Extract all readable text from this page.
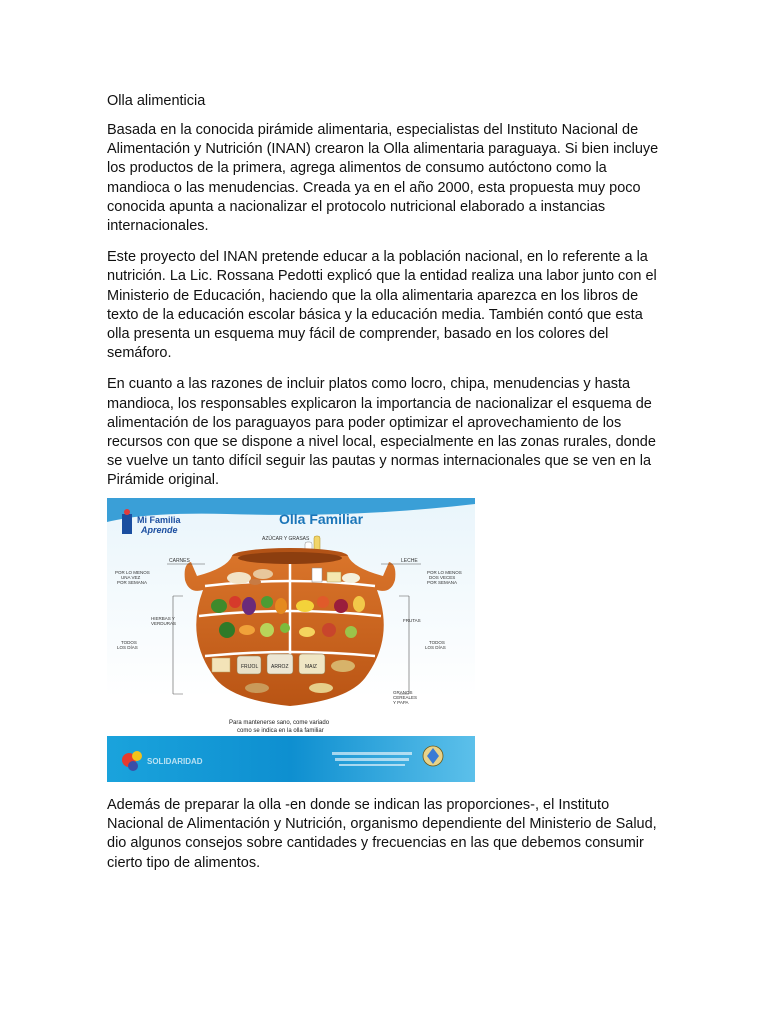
Olla alimenticia

Basada en la conocida pirámide alimentaria, especialistas del Instituto Nacional de Alimentación y Nutrición (INAN) crearon la Olla alimentaria paraguaya. Si bien incluye los productos de la primera, agrega alimentos de consumo autóctono como la mandioca o las menudencias. Creada ya en el año 2000, esta propuesta muy poco conocida apunta a nacionalizar el protocolo nutricional elaborado a instancias internacionales.

Este proyecto del INAN pretende educar a la población nacional, en lo referente a la nutrición. La Lic. Rossana Pedotti explicó que la entidad realiza una labor junto con el Ministerio de Educación, haciendo que la olla alimentaria aparezca en los libros de texto de la educación escolar básica y la educación media. También contó que esta olla presenta un esquema muy fácil de comprender, basado en los colores del semáforo.

En cuanto a las razones de incluir platos como locro, chipa, menudencias y hasta mandioca, los responsables explicaron la importancia de nacionalizar el esquema de alimentación de los paraguayos para poder optimizar el aprovechamiento de los recursos con que se dispone a nivel local, especialmente en las zonas rurales, donde se vuelve un tanto difícil seguir las pautas y normas internacionales que se ven en la Pirámide original.

Mi Familia
Aprende
Olla Familiar
AZÚCAR Y GRASAS
FRIJOL	ARROZ	MAIZ
CARNES	LECHE
POR LO MENOS
UNA VEZ
POR SEMANA
POR LO MENOS
DOS VECES
POR SEMANA
HIERBAS Y
VERDURAS
FRUTAS
TODOS
LOS DÍAS
TODOS
LOS DÍAS
GRANOS
CEREALES
Y PAPA
Para mantenerse sano, come variado
como se indica en la olla familiar
SOLIDARIDAD

Además de preparar la olla -en donde se indican las proporciones-, el Instituto Nacional de Alimentación y Nutrición, organismo dependiente del Ministerio de Salud, dio algunos consejos sobre cantidades y frecuencias en las que debemos consumir cierto tipo de alimentos.
